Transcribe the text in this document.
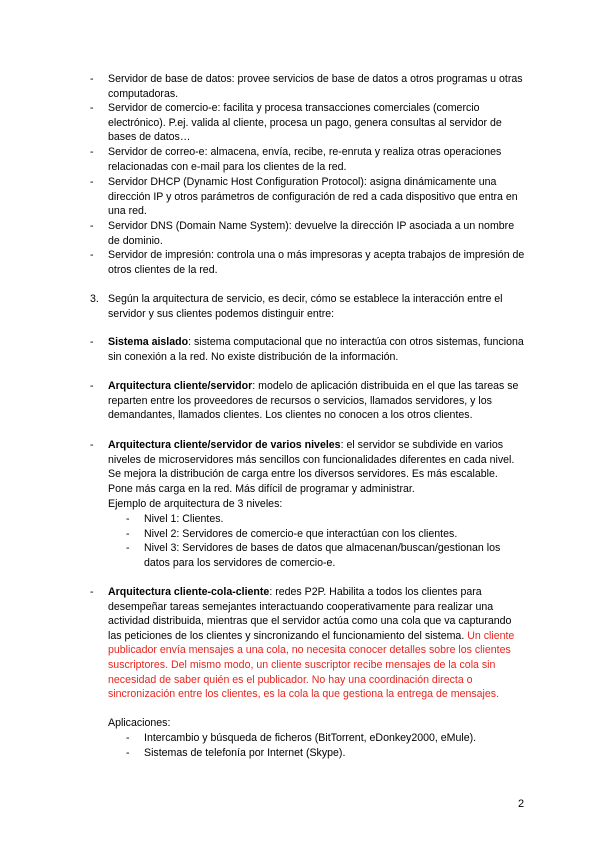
- Servidor de base de datos: provee servicios de base de datos a otros programas u otras computadoras.
- Servidor de comercio-e: facilita y procesa transacciones comerciales (comercio electrónico). P.ej. valida al cliente, procesa un pago, genera consultas al servidor de bases de datos…
- Servidor de correo-e: almacena, envía, recibe, re-enruta y realiza otras operaciones relacionadas con e-mail para los clientes de la red.
- Servidor DHCP (Dynamic Host Configuration Protocol): asigna dinámicamente una dirección IP y otros parámetros de configuración de red a cada dispositivo que entra en una red.
- Servidor DNS (Domain Name System): devuelve la dirección IP asociada a un nombre de dominio.
- Servidor de impresión: controla una o más impresoras y acepta trabajos de impresión de otros clientes de la red.
3. Según la arquitectura de servicio, es decir, cómo se establece la interacción entre el servidor y sus clientes podemos distinguir entre:
- Sistema aislado: sistema computacional que no interactúa con otros sistemas, funciona sin conexión a la red. No existe distribución de la información.
- Arquitectura cliente/servidor: modelo de aplicación distribuida en el que las tareas se reparten entre los proveedores de recursos o servicios, llamados servidores, y los demandantes, llamados clientes. Los clientes no conocen a los otros clientes.
- Arquitectura cliente/servidor de varios niveles: el servidor se subdivide en varios niveles de microservidores más sencillos con funcionalidades diferentes en cada nivel. Se mejora la distribución de carga entre los diversos servidores. Es más escalable. Pone más carga en la red. Más difícil de programar y administrar.
Ejemplo de arquitectura de 3 niveles:
- Nivel 1: Clientes.
- Nivel 2: Servidores de comercio-e que interactúan con los clientes.
- Nivel 3: Servidores de bases de datos que almacenan/buscan/gestionan los datos para los servidores de comercio-e.
- Arquitectura cliente-cola-cliente: redes P2P. Habilita a todos los clientes para desempeñar tareas semejantes interactuando cooperativamente para realizar una actividad distribuida, mientras que el servidor actúa como una cola que va capturando las peticiones de los clientes y sincronizando el funcionamiento del sistema. Un cliente publicador envía mensajes a una cola, no necesita conocer detalles sobre los clientes suscriptores. Del mismo modo, un cliente suscriptor recibe mensajes de la cola sin necesidad de saber quién es el publicador. No hay una coordinación directa o sincronización entre los clientes, es la cola la que gestiona la entrega de mensajes.
Aplicaciones:
- Intercambio y búsqueda de ficheros (BitTorrent, eDonkey2000, eMule).
- Sistemas de telefonía por Internet (Skype).
2
